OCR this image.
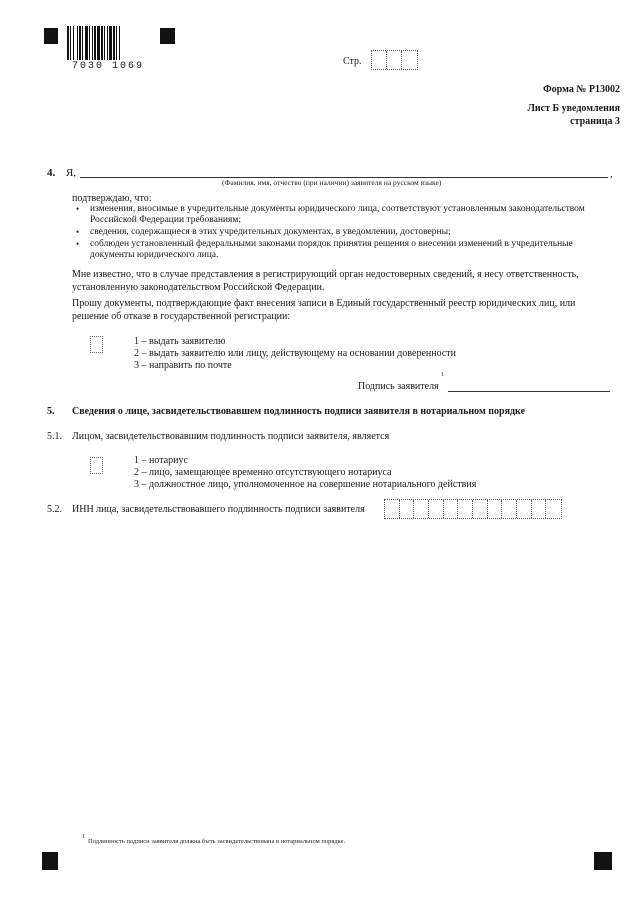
7030 1069	Стр.
Форма № Р13002
Лист Б уведомления
страница 3
4. Я,	,
(Фамилия, имя, отчество (при наличии) заявителя на русском языке)
подтверждаю, что:
• изменения, вносимые в учредительные документы юридического лица, соответствуют установленным законодательством Российской Федерации требованиям;
• сведения, содержащиеся в этих учредительных документах, в уведомлении, достоверны;
• соблюден установленный федеральными законами порядок принятия решения о внесении изменений в учредительные документы юридического лица.
Мне известно, что в случае представления в регистрирующий орган недостоверных сведений, я несу ответственность, установленную законодательством Российской Федерации.
Прошу документы, подтверждающие факт внесения записи в Единый государственный реестр юридических лиц, или решение об отказе в государственной регистрации:
1 – выдать заявителю
2 – выдать заявителю или лицу, действующему на основании доверенности
3 – направить по почте
Подпись заявителя
1
5. Сведения о лице, засвидетельствовавшем подлинность подписи заявителя в нотариальном порядке
5.1. Лицом, засвидетельствовавшим подлинность подписи заявителя, является
1 – нотариус
2 – лицо, замещающее временно отсутствующего нотариуса
3 – должностное лицо, уполномоченное на совершение нотариального действия
5.2. ИНН лица, засвидетельствовавшего подлинность подписи заявителя
1
Подлинность подписи заявителя должна быть засвидетельствована в нотариальном порядке.
